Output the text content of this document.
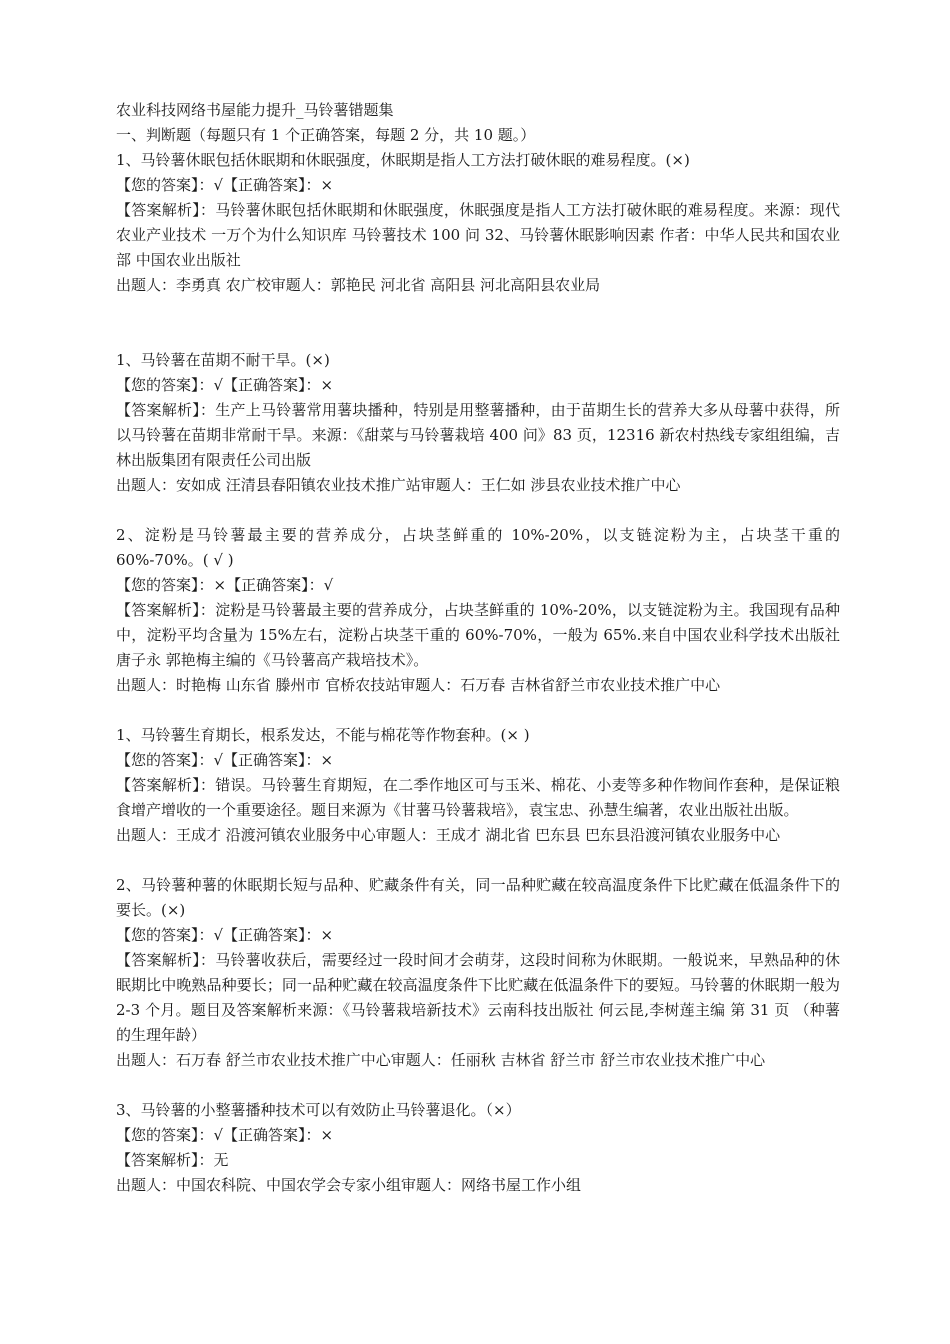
农业科技网络书屋能力提升_马铃薯错题集
一、判断题（每题只有 1 个正确答案，每题 2 分，共 10 题。）
1、马铃薯休眠包括休眠期和休眠强度，休眠期是指人工方法打破休眠的难易程度。(×)
【您的答案】：√【正确答案】：×
【答案解析】：马铃薯休眠包括休眠期和休眠强度，休眠强度是指人工方法打破休眠的难易程度。来源：现代农业产业技术 一万个为什么知识库 马铃薯技术 100 问 32、马铃薯休眠影响因素 作者：中华人民共和国农业部 中国农业出版社
出题人：李勇真 农广校审题人：郭艳民 河北省 高阳县 河北高阳县农业局
1、马铃薯在苗期不耐干旱。(×)
【您的答案】：√【正确答案】：×
【答案解析】：生产上马铃薯常用薯块播种，特别是用整薯播种，由于苗期生长的营养大多从母薯中获得，所以马铃薯在苗期非常耐干旱。来源：《甜菜与马铃薯栽培 400 问》83 页，12316 新农村热线专家组组编，吉林出版集团有限责任公司出版
出题人：安如成 汪清县春阳镇农业技术推广站审题人：王仁如 涉县农业技术推广中心
2、淀粉是马铃薯最主要的营养成分，占块茎鲜重的 10%-20%，以支链淀粉为主，占块茎干重的 60%-70%。( √ )
【您的答案】：×【正确答案】：√
【答案解析】：淀粉是马铃薯最主要的营养成分，占块茎鲜重的 10%-20%，以支链淀粉为主。我国现有品种中，淀粉平均含量为 15%左右，淀粉占块茎干重的 60%-70%，一般为 65%.来自中国农业科学技术出版社 唐子永 郭艳梅主编的《马铃薯高产栽培技术》。
出题人：时艳梅 山东省 滕州市 官桥农技站审题人：石万春 吉林省舒兰市农业技术推广中心
1、马铃薯生育期长，根系发达，不能与棉花等作物套种。(× )
【您的答案】：√【正确答案】：×
【答案解析】：错误。马铃薯生育期短，在二季作地区可与玉米、棉花、小麦等多种作物间作套种，是保证粮食增产增收的一个重要途径。题目来源为《甘薯马铃薯栽培》，袁宝忠、孙慧生编著，农业出版社出版。
出题人：王成才 沿渡河镇农业服务中心审题人：王成才 湖北省 巴东县 巴东县沿渡河镇农业服务中心
2、马铃薯种薯的休眠期长短与品种、贮藏条件有关，同一品种贮藏在较高温度条件下比贮藏在低温条件下的要长。(×)
【您的答案】：√【正确答案】：×
【答案解析】：马铃薯收获后，需要经过一段时间才会萌芽，这段时间称为休眠期。一般说来，早熟品种的休眠期比中晚熟品种要长；同一品种贮藏在较高温度条件下比贮藏在低温条件下的要短。马铃薯的休眠期一般为 2-3 个月。题目及答案解析来源：《马铃薯栽培新技术》云南科技出版社 何云昆,李树莲主编 第 31 页 （种薯的生理年龄）
出题人：石万春 舒兰市农业技术推广中心审题人：任丽秋 吉林省 舒兰市 舒兰市农业技术推广中心
3、马铃薯的小整薯播种技术可以有效防止马铃薯退化。（×）
【您的答案】：√【正确答案】：×
【答案解析】：无
出题人：中国农科院、中国农学会专家小组审题人：网络书屋工作小组
